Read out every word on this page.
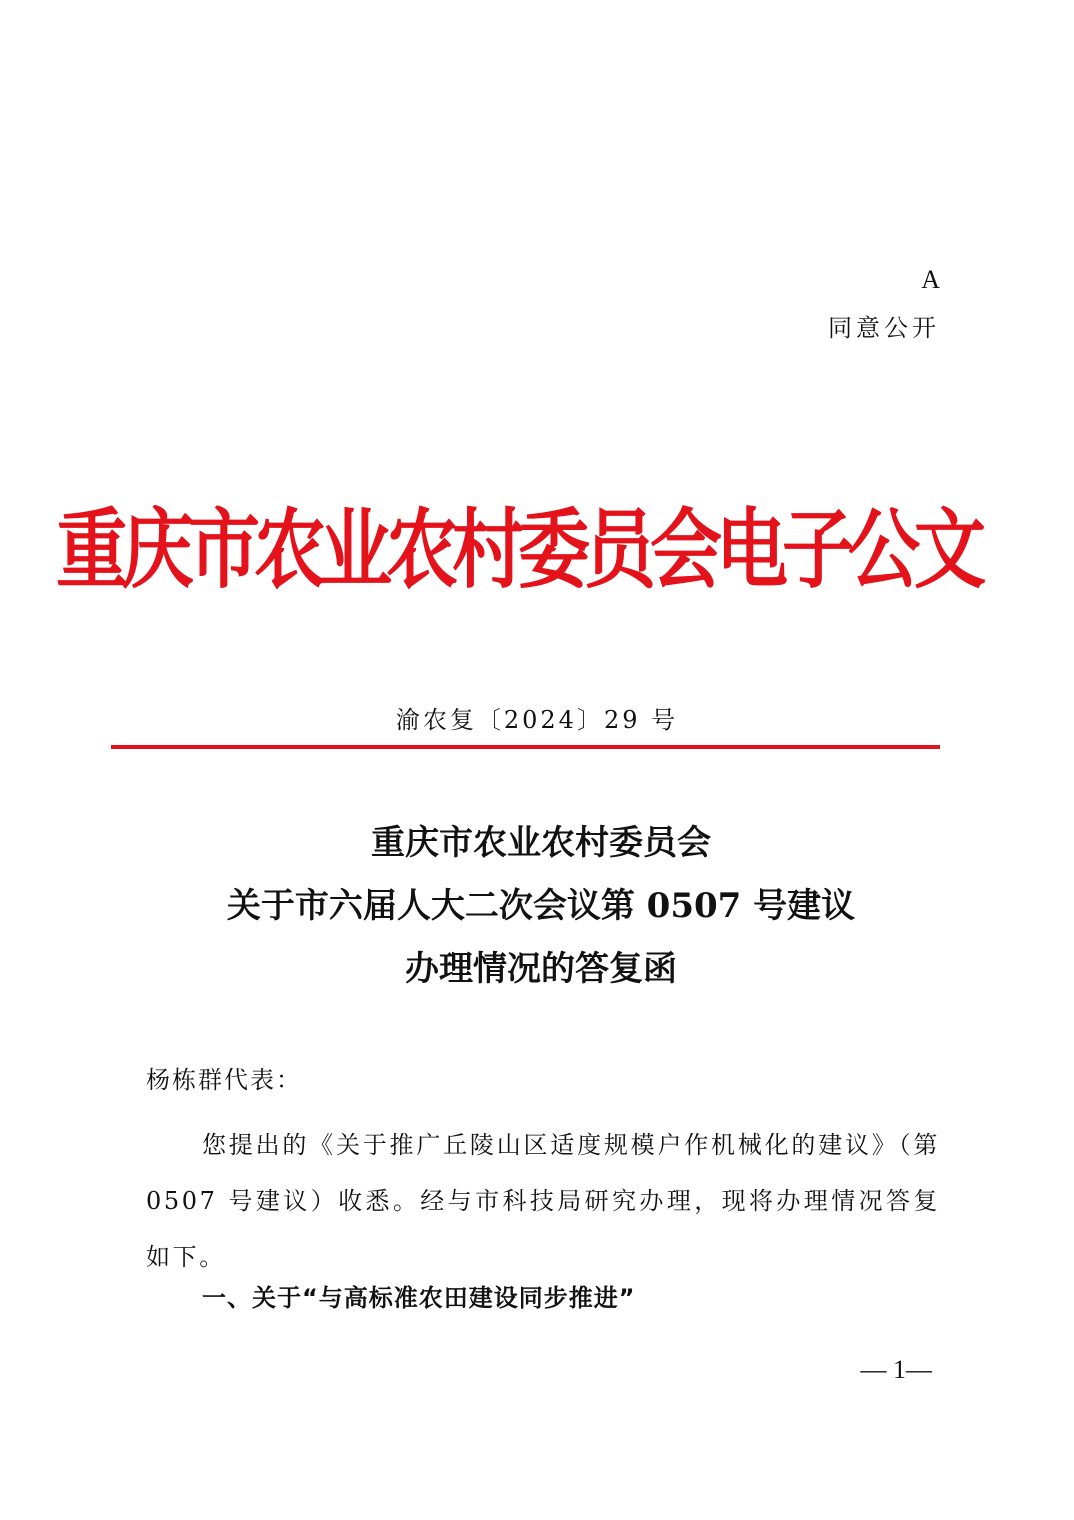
A
同意公开
重庆市农业农村委员会电子公文
渝农复〔2024〕29 号
重庆市农业农村委员会
关于市六届人大二次会议第 0507 号建议
办理情况的答复函
杨栋群代表：
您提出的《关于推广丘陵山区适度规模户作机械化的建议》（第 0507 号建议）收悉。经与市科技局研究办理，现将办理情况答复如下。
一、关于“与高标准农田建设同步推进”
— 1—
